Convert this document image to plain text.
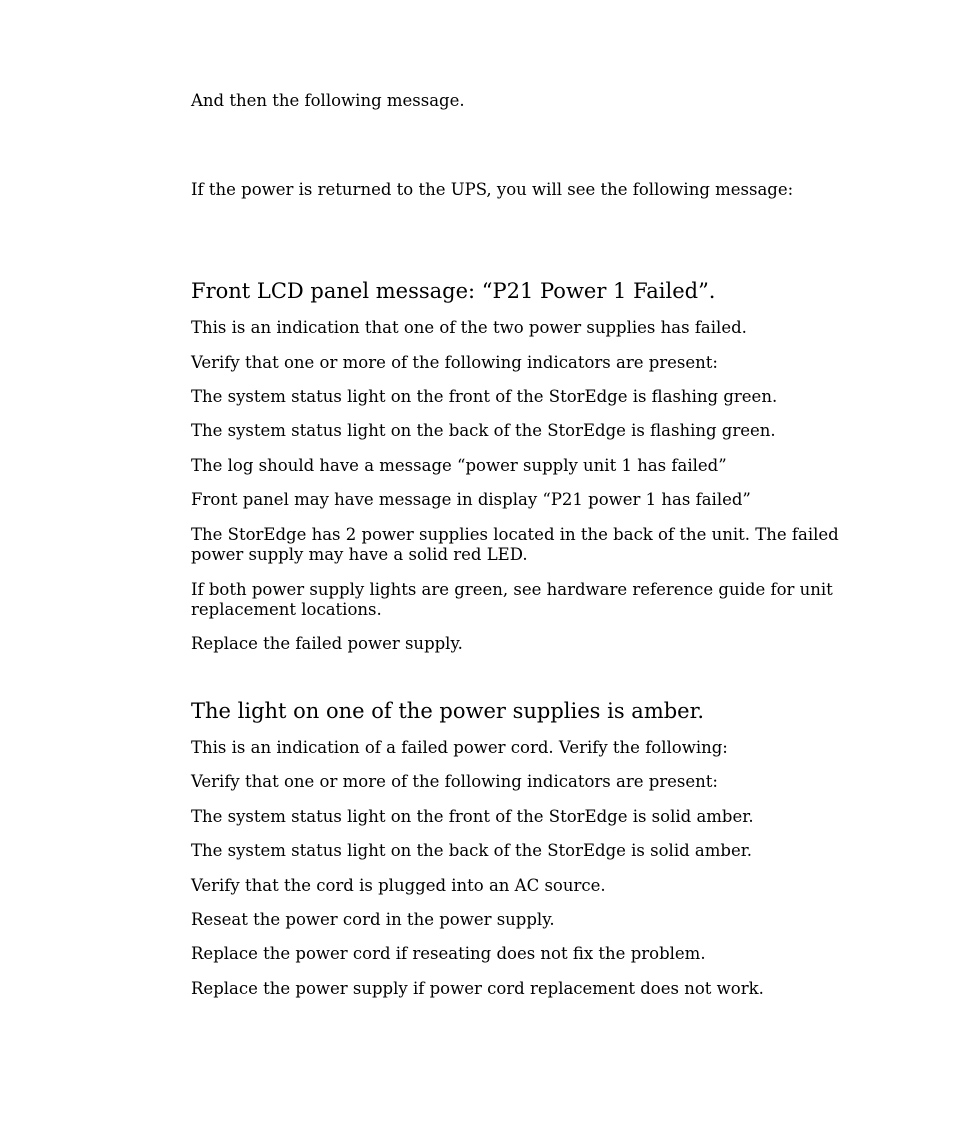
And then the following message.

If the power is returned to the UPS, you will see the following message:

Front LCD panel message: “P21 Power 1 Failed”.

This is an indication that one of the two power supplies has failed.

Verify that one or more of the following indicators are present:

The system status light on the front of the StorEdge is flashing green.

The system status light on the back of the StorEdge is flashing green.

The log should have a message “power supply unit 1 has failed”

Front panel may have message in display “P21 power 1 has failed”

The StorEdge has 2 power supplies located in the back of the unit. The failed power supply may have a solid red LED.

If both power supply lights are green, see hardware reference guide for unit replacement locations.

Replace the failed power supply.

The light on one of the power supplies is amber.

This is an indication of a failed power cord. Verify the following:

Verify that one or more of the following indicators are present:

The system status light on the front of the StorEdge is solid amber.

The system status light on the back of the StorEdge is solid amber.

Verify that the cord is plugged into an AC source.

Reseat the power cord in the power supply.

Replace the power cord if reseating does not fix the problem.

Replace the power supply if power cord replacement does not work.
